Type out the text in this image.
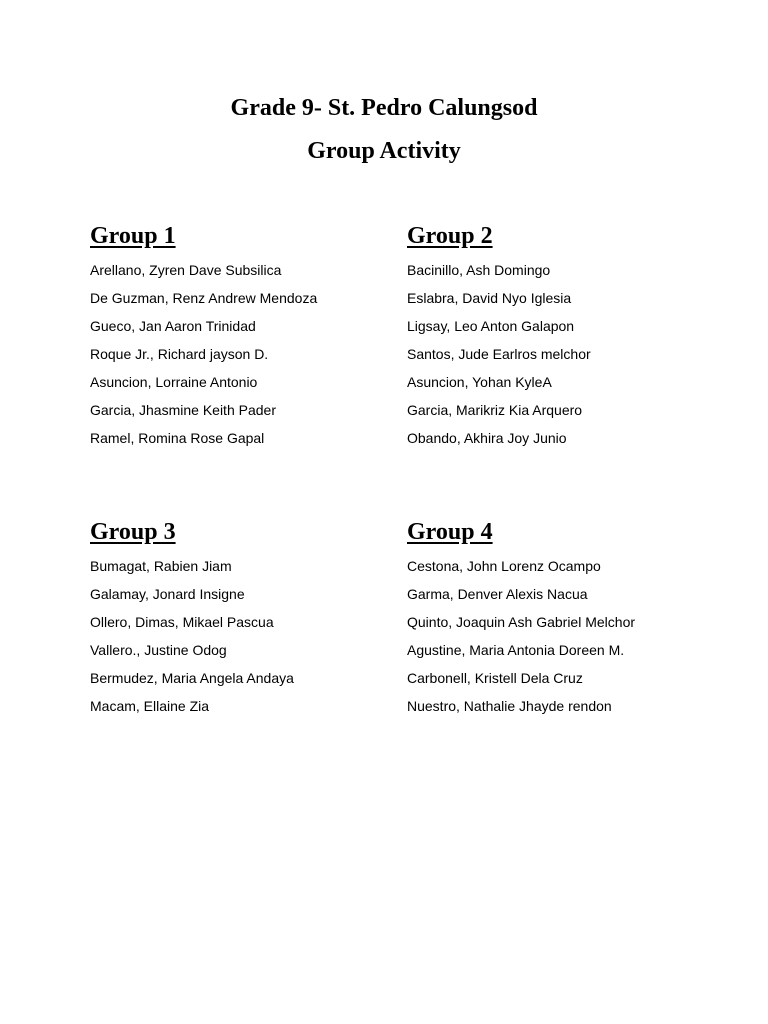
Grade 9- St. Pedro Calungsod
Group Activity
Group 1
Arellano, Zyren Dave Subsilica
De Guzman, Renz Andrew Mendoza
Gueco, Jan Aaron Trinidad
Roque Jr., Richard jayson D.
Asuncion, Lorraine Antonio
Garcia, Jhasmine Keith Pader
Ramel, Romina Rose Gapal
Group 2
Bacinillo, Ash Domingo
Eslabra, David Nyo Iglesia
Ligsay, Leo Anton Galapon
Santos, Jude Earlros melchor
Asuncion, Yohan KyleA
Garcia, Marikriz Kia Arquero
Obando, Akhira Joy Junio
Group 3
Bumagat, Rabien Jiam
Galamay, Jonard Insigne
Ollero, Dimas, Mikael Pascua
Vallero., Justine Odog
Bermudez, Maria Angela Andaya
Macam, Ellaine Zia
Group 4
Cestona, John Lorenz Ocampo
Garma, Denver Alexis Nacua
Quinto, Joaquin Ash Gabriel Melchor
Agustine, Maria Antonia Doreen M.
Carbonell, Kristell Dela Cruz
Nuestro, Nathalie Jhayde rendon
